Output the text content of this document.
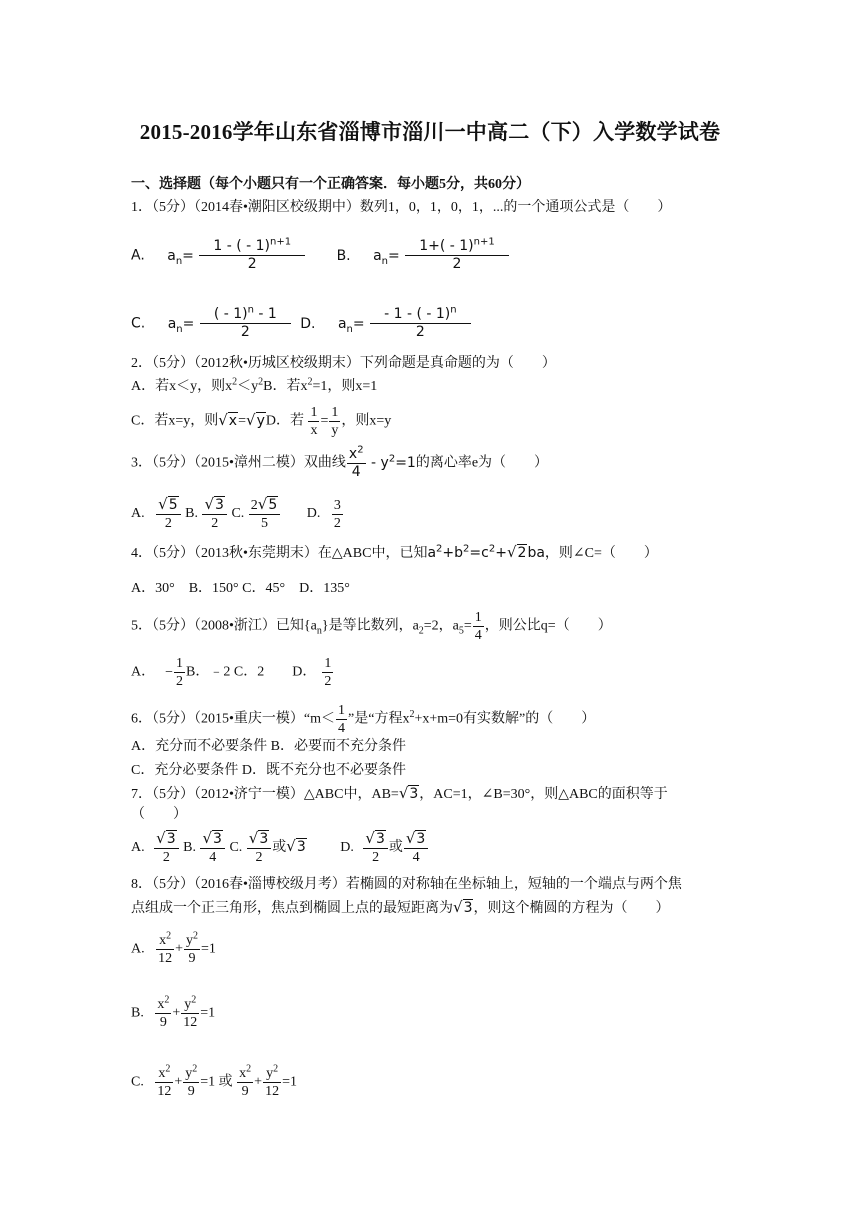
2015-2016学年山东省淄博市淄川一中高二（下）入学数学试卷
一、选择题（每个小题只有一个正确答案．每小题5分，共60分）
1．（5分）（2014春•潮阳区校级期中）数列1，0，1，0，1，...的一个通项公式是（　　）
A. $a_n= \frac{1 - ( - 1)^{n+1}}{2} B$. $a_n= \frac{1+( - 1)^{n+1}}{2}$
C. $a_n= \frac{( - 1)^n - 1}{2} D$. $a_n= \frac{- 1 - ( - 1)^n}{2}$
2．（5分）（2012秋•历城区校级期末）下列命题是真命题的为（　　）
A．若x＜y，则$x^2<y^2B$．若$x^2=1$，则x=1
C．若x=y，则√x=√yD．若 $\frac{1}{x} = \frac{1}{y}$ ，则x=y
3．（5分）（2015•漳州二模）双曲线 $\frac{x^2}{4} - y^2=1$的离心率e为（　　）
A. $\frac{√5}{2} B$. $\frac{√3}{2} C$. $\frac{2√5}{5} D$. $\frac{3}{2}$
4．（5分）（2013秋•东莞期末）在△ABC中，已知$a^2+b^2=c^2+√2ba$，则∠C=（　　）
A．30°　B．150° C．45°　D．135°
5．（5分）（2008•浙江）已知$\{a_n\}$是等比数列，$a_2=2$，$a_5= \frac{1}{4}$ ，则公比q=（　　）
A． − $\frac{1}{2}$ B．﹣2 C．2　　D． $\frac{1}{2}$
6．（5分）（2015•重庆一模）“m＜ $\frac{1}{4}$ ”是“方程$x^2+x+m=0$有实数解”的（　　）
A．充分而不必要条件 B．必要而不充分条件
C．充分必要条件 D．既不充分也不必要条件
7．（5分）（2012•济宁一模）△ABC中，AB=√3，AC=1，∠B=30°，则△ABC的面积等于
（　　）
A. $\frac{√3}{2} B$. $\frac{√3}{4} C$. $\frac{√3}{2}$ 或√3 D. $\frac{√3}{2}$ 或 $\frac{√3}{4}$
8．（5分）（2016春•淄博校级月考）若椭圆的对称轴在坐标轴上，短轴的一个端点与两个焦
点组成一个正三角形，焦点到椭圆上点的最短距离为√3，则这个椭圆的方程为（　　）
A. $\frac{x^2}{12} + \frac{y^2}{9} =1$
B. $\frac{x^2}{9} + \frac{y^2}{12} =1$
C. $\frac{x^2}{12} + \frac{y^2}{9} =1$ 或 $\frac{x^2}{9} + \frac{y^2}{12} =1$
